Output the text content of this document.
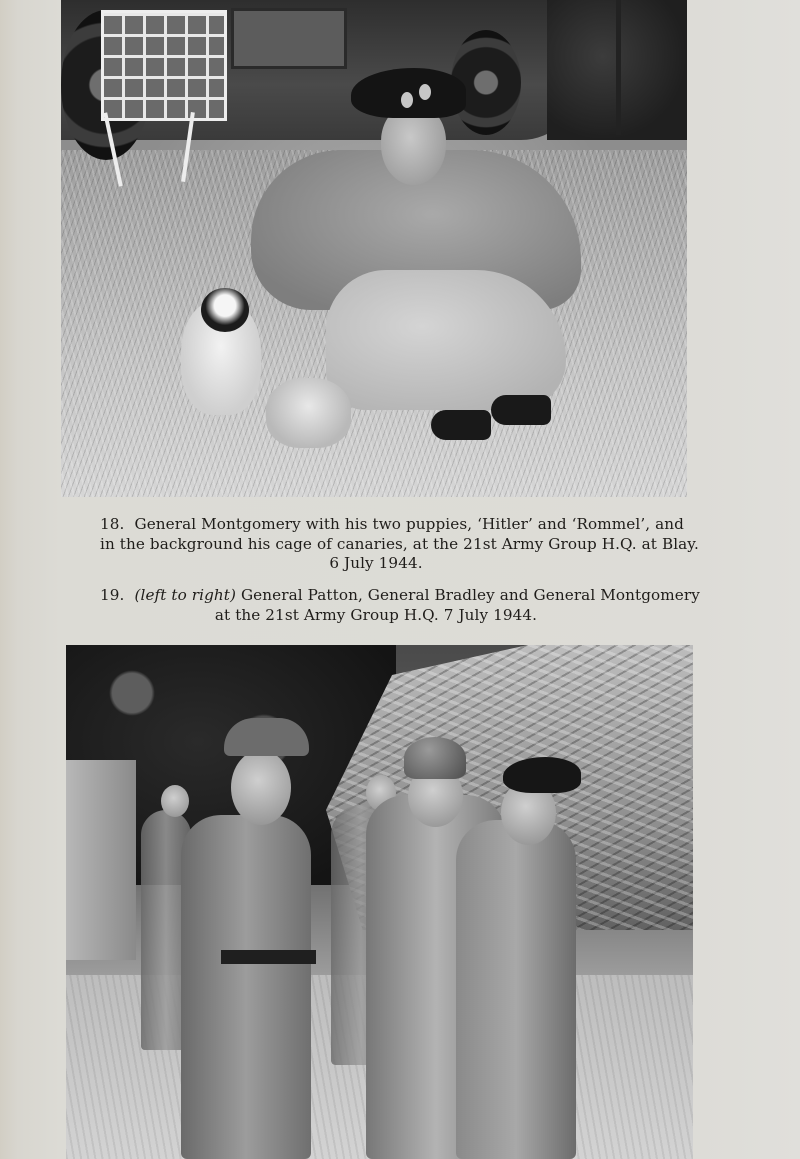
18. General Montgomery with his two puppies, ‘Hitler’ and ‘Rommel’, and
in the background his cage of canaries, at the 21st Army Group H.Q. at Blay.
6 July 1944.
19. (left to right) General Patton, General Bradley and General Montgomery
at the 21st Army Group H.Q. 7 July 1944.
